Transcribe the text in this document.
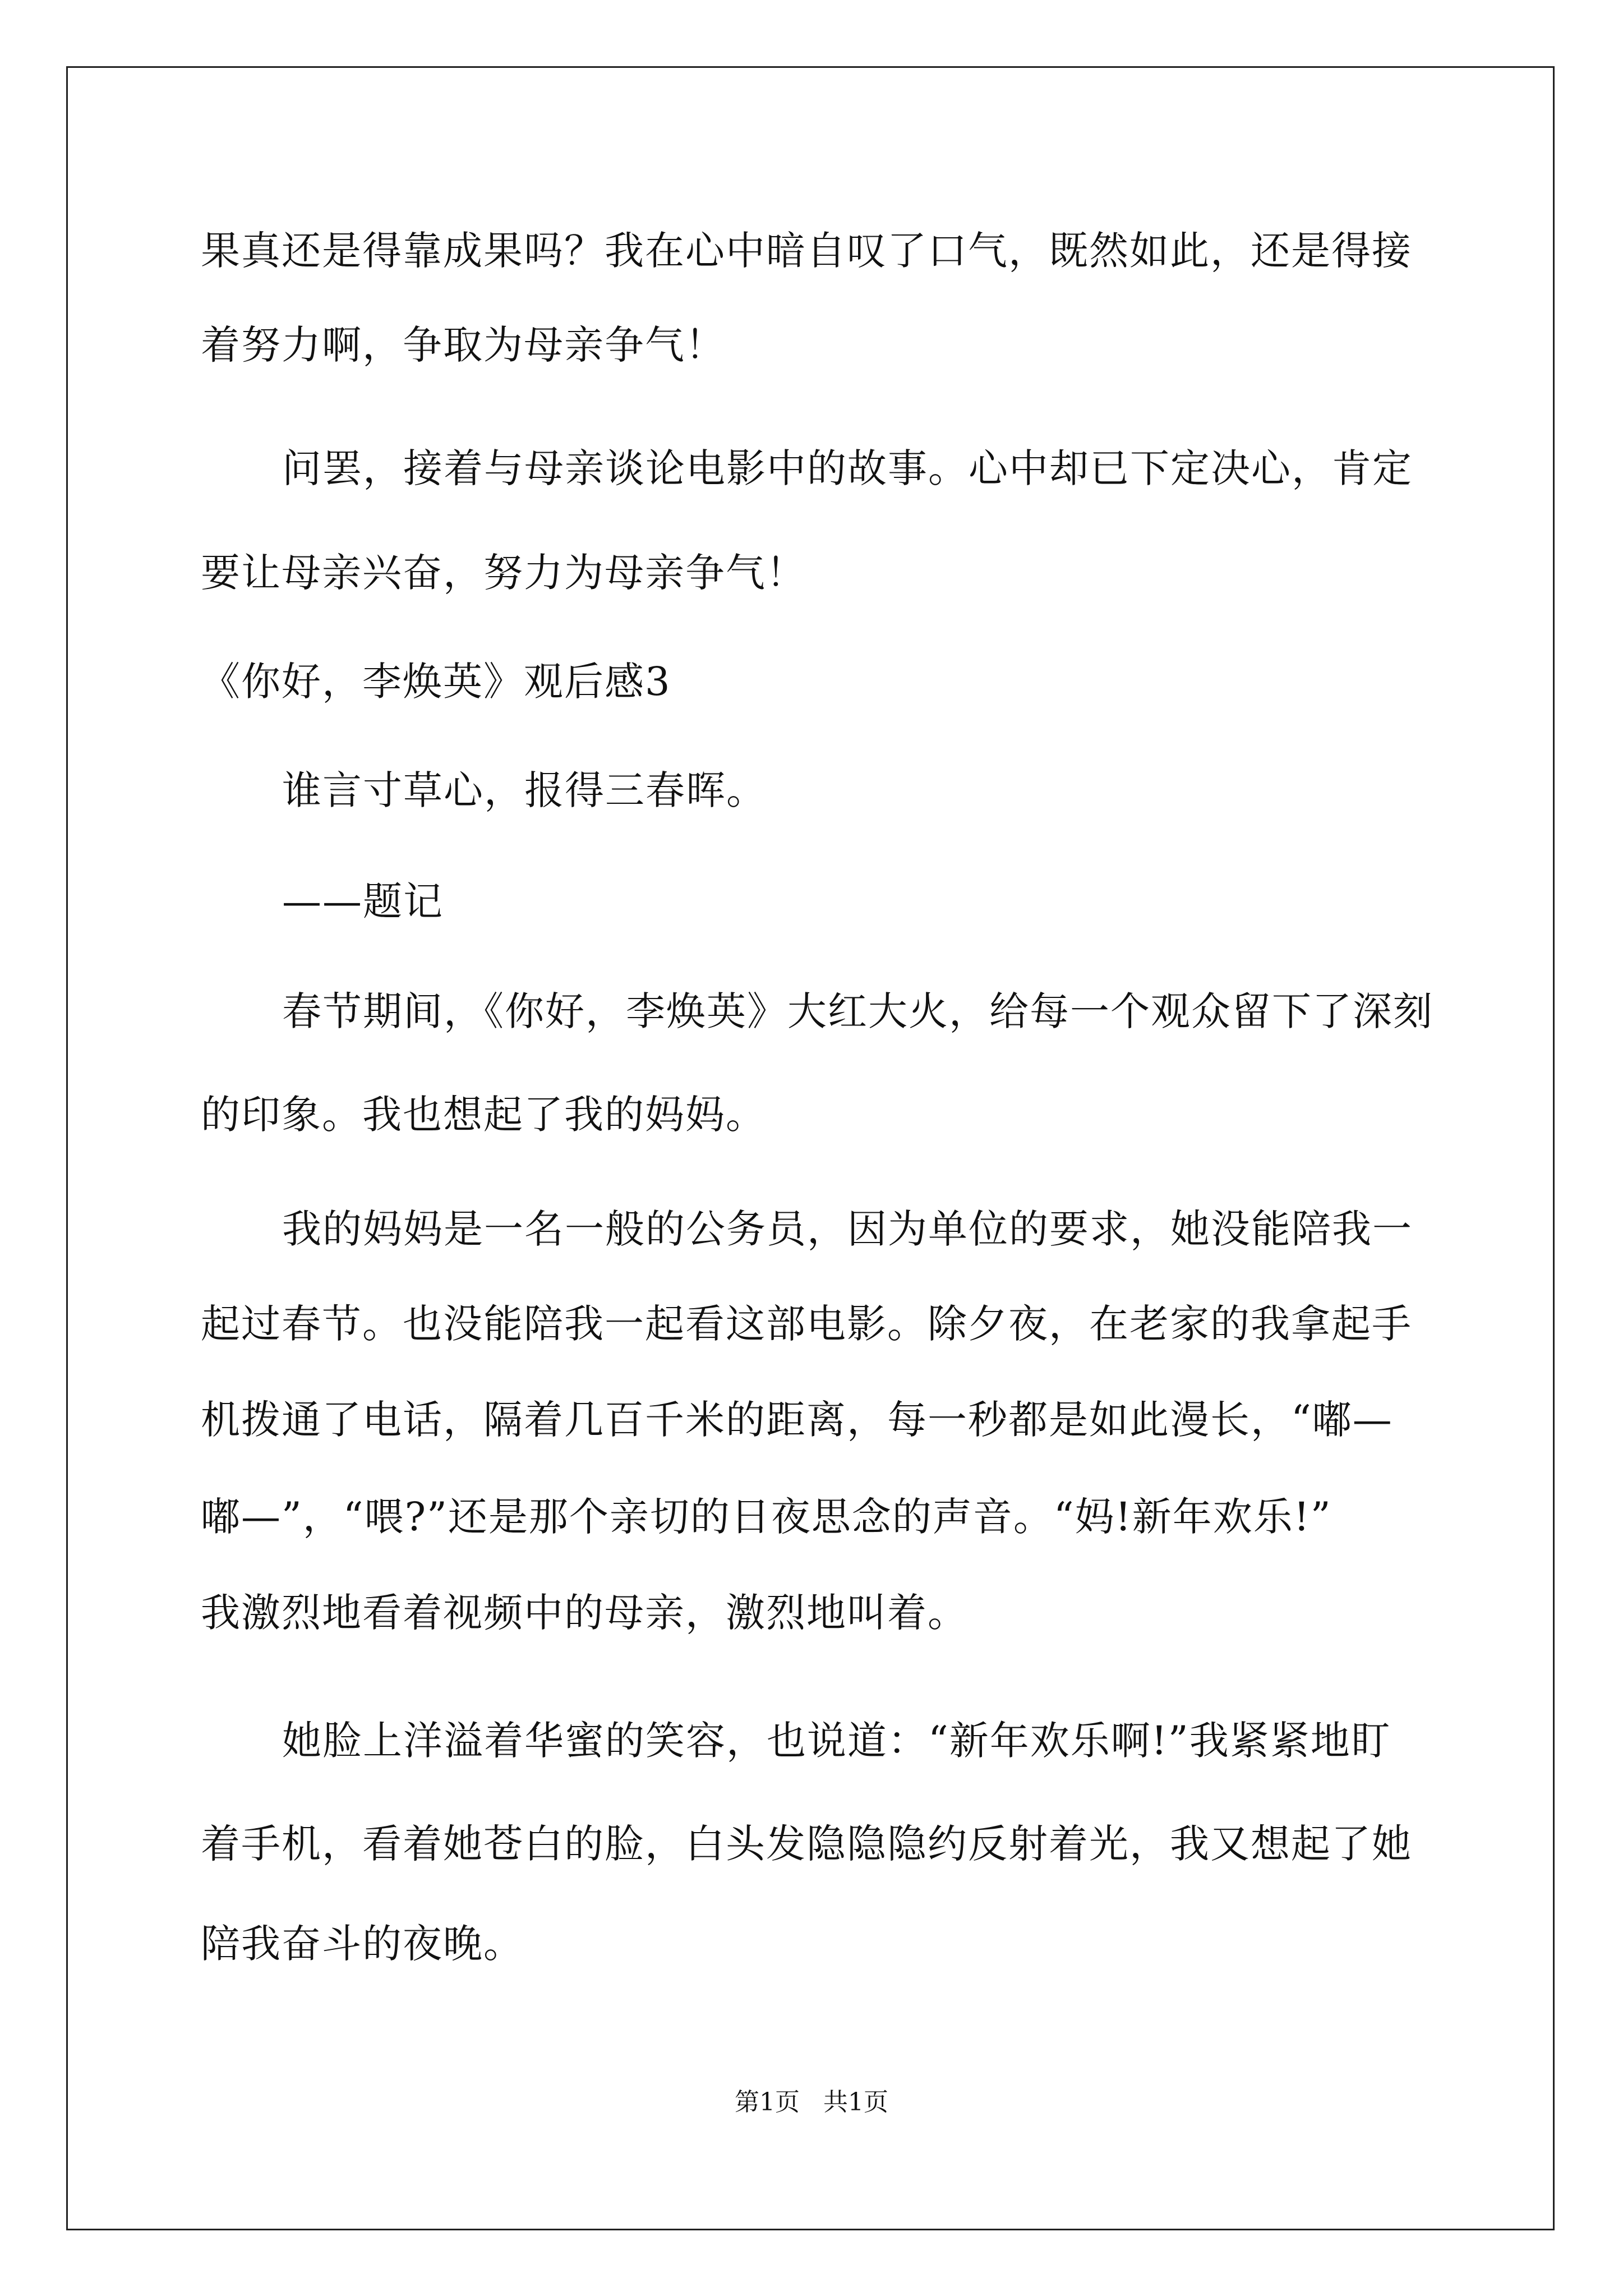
果真还是得靠成果吗？我在心中暗自叹了口气，既然如此，还是得接
着努力啊，争取为母亲争气！
问罢，接着与母亲谈论电影中的故事。心中却已下定决心，肯定
要让母亲兴奋，努力为母亲争气！
《你好，李焕英》观后感3
谁言寸草心，报得三春晖。
——题记
春节期间，《你好，李焕英》大红大火，给每一个观众留下了深刻
的印象。我也想起了我的妈妈。
我的妈妈是一名一般的公务员，因为单位的要求，她没能陪我一
起过春节。也没能陪我一起看这部电影。除夕夜，在老家的我拿起手
机拨通了电话，隔着几百千米的距离，每一秒都是如此漫长，“嘟—
嘟—”，“喂?”还是那个亲切的日夜思念的声音。“妈!新年欢乐!”
我激烈地看着视频中的母亲，激烈地叫着。
她脸上洋溢着华蜜的笑容，也说道：“新年欢乐啊!”我紧紧地盯
着手机，看着她苍白的脸，白头发隐隐隐约反射着光，我又想起了她
陪我奋斗的夜晚。
第1页   共1页
